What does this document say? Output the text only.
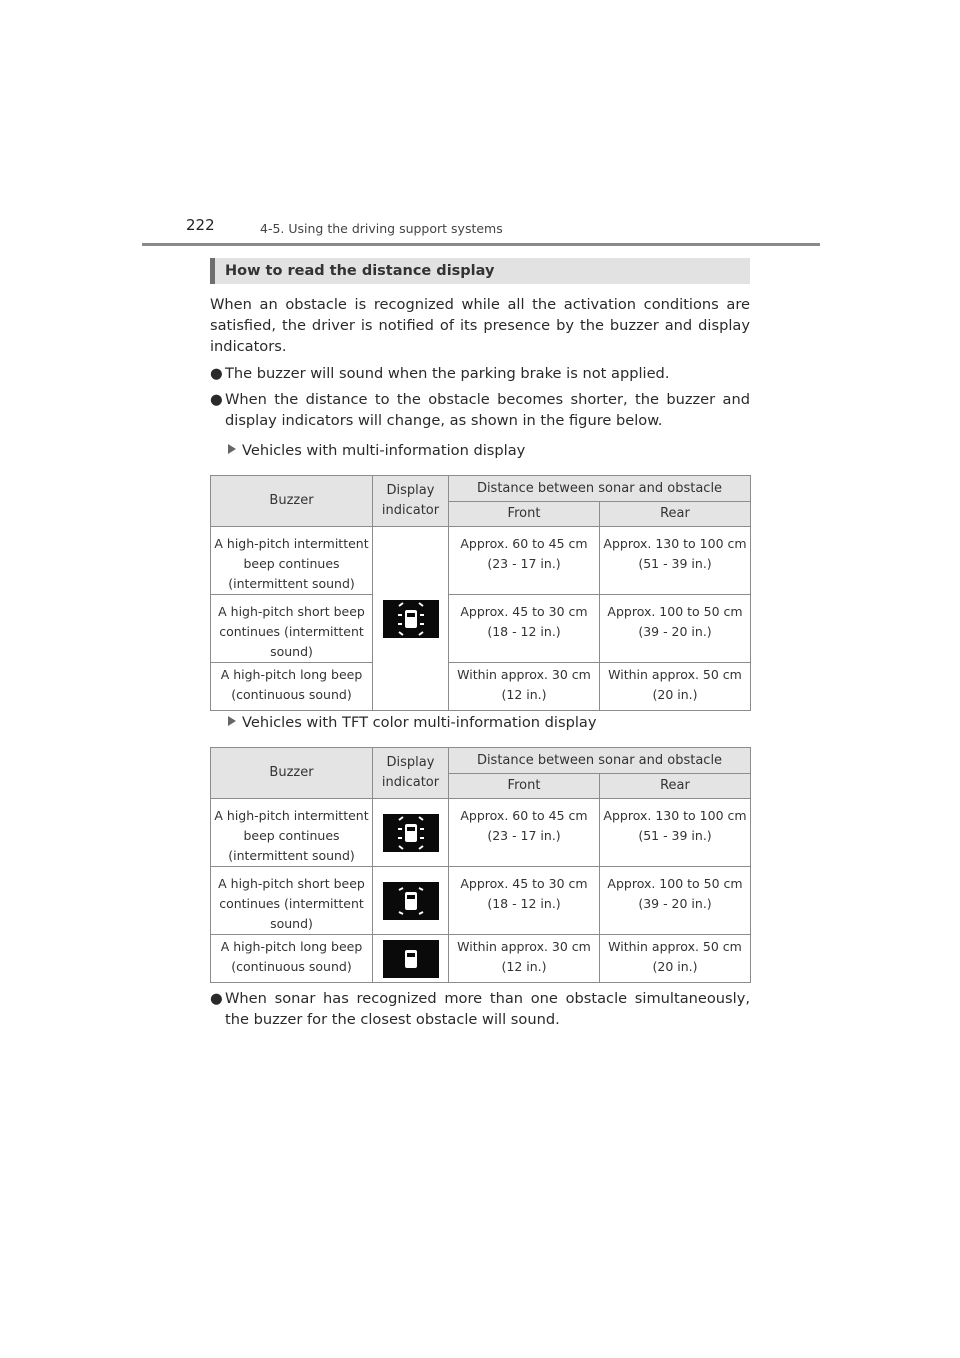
222	4-5. Using the driving support systems
How to read the distance display
When an obstacle is recognized while all the activation conditions are satisfied, the driver is notified of its presence by the buzzer and display indicators.
● The buzzer will sound when the parking brake is not applied.
● When the distance to the obstacle becomes shorter, the buzzer and display indicators will change, as shown in the figure below.
Vehicles with multi-information display
Buzzer	Display indicator	Distance between sonar and obstacle	
		Front	Rear
A high-pitch intermittent beep continues (intermittent sound)		Approx. 60 to 45 cm (23 - 17 in.)	Approx. 130 to 100 cm (51 - 39 in.)
A high-pitch short beep continues (intermittent sound)		Approx. 45 to 30 cm (18 - 12 in.)	Approx. 100 to 50 cm (39 - 20 in.)
A high-pitch long beep (continuous sound)		Within approx. 30 cm (12 in.)	Within approx. 50 cm (20 in.)
Vehicles with TFT color multi-information display
Buzzer	Display indicator	Distance between sonar and obstacle	
		Front	Rear
A high-pitch intermittent beep continues (intermittent sound)		Approx. 60 to 45 cm (23 - 17 in.)	Approx. 130 to 100 cm (51 - 39 in.)
A high-pitch short beep continues (intermittent sound)		Approx. 45 to 30 cm (18 - 12 in.)	Approx. 100 to 50 cm (39 - 20 in.)
A high-pitch long beep (continuous sound)		Within approx. 30 cm (12 in.)	Within approx. 50 cm (20 in.)
● When sonar has recognized more than one obstacle simultaneously, the buzzer for the closest obstacle will sound.
